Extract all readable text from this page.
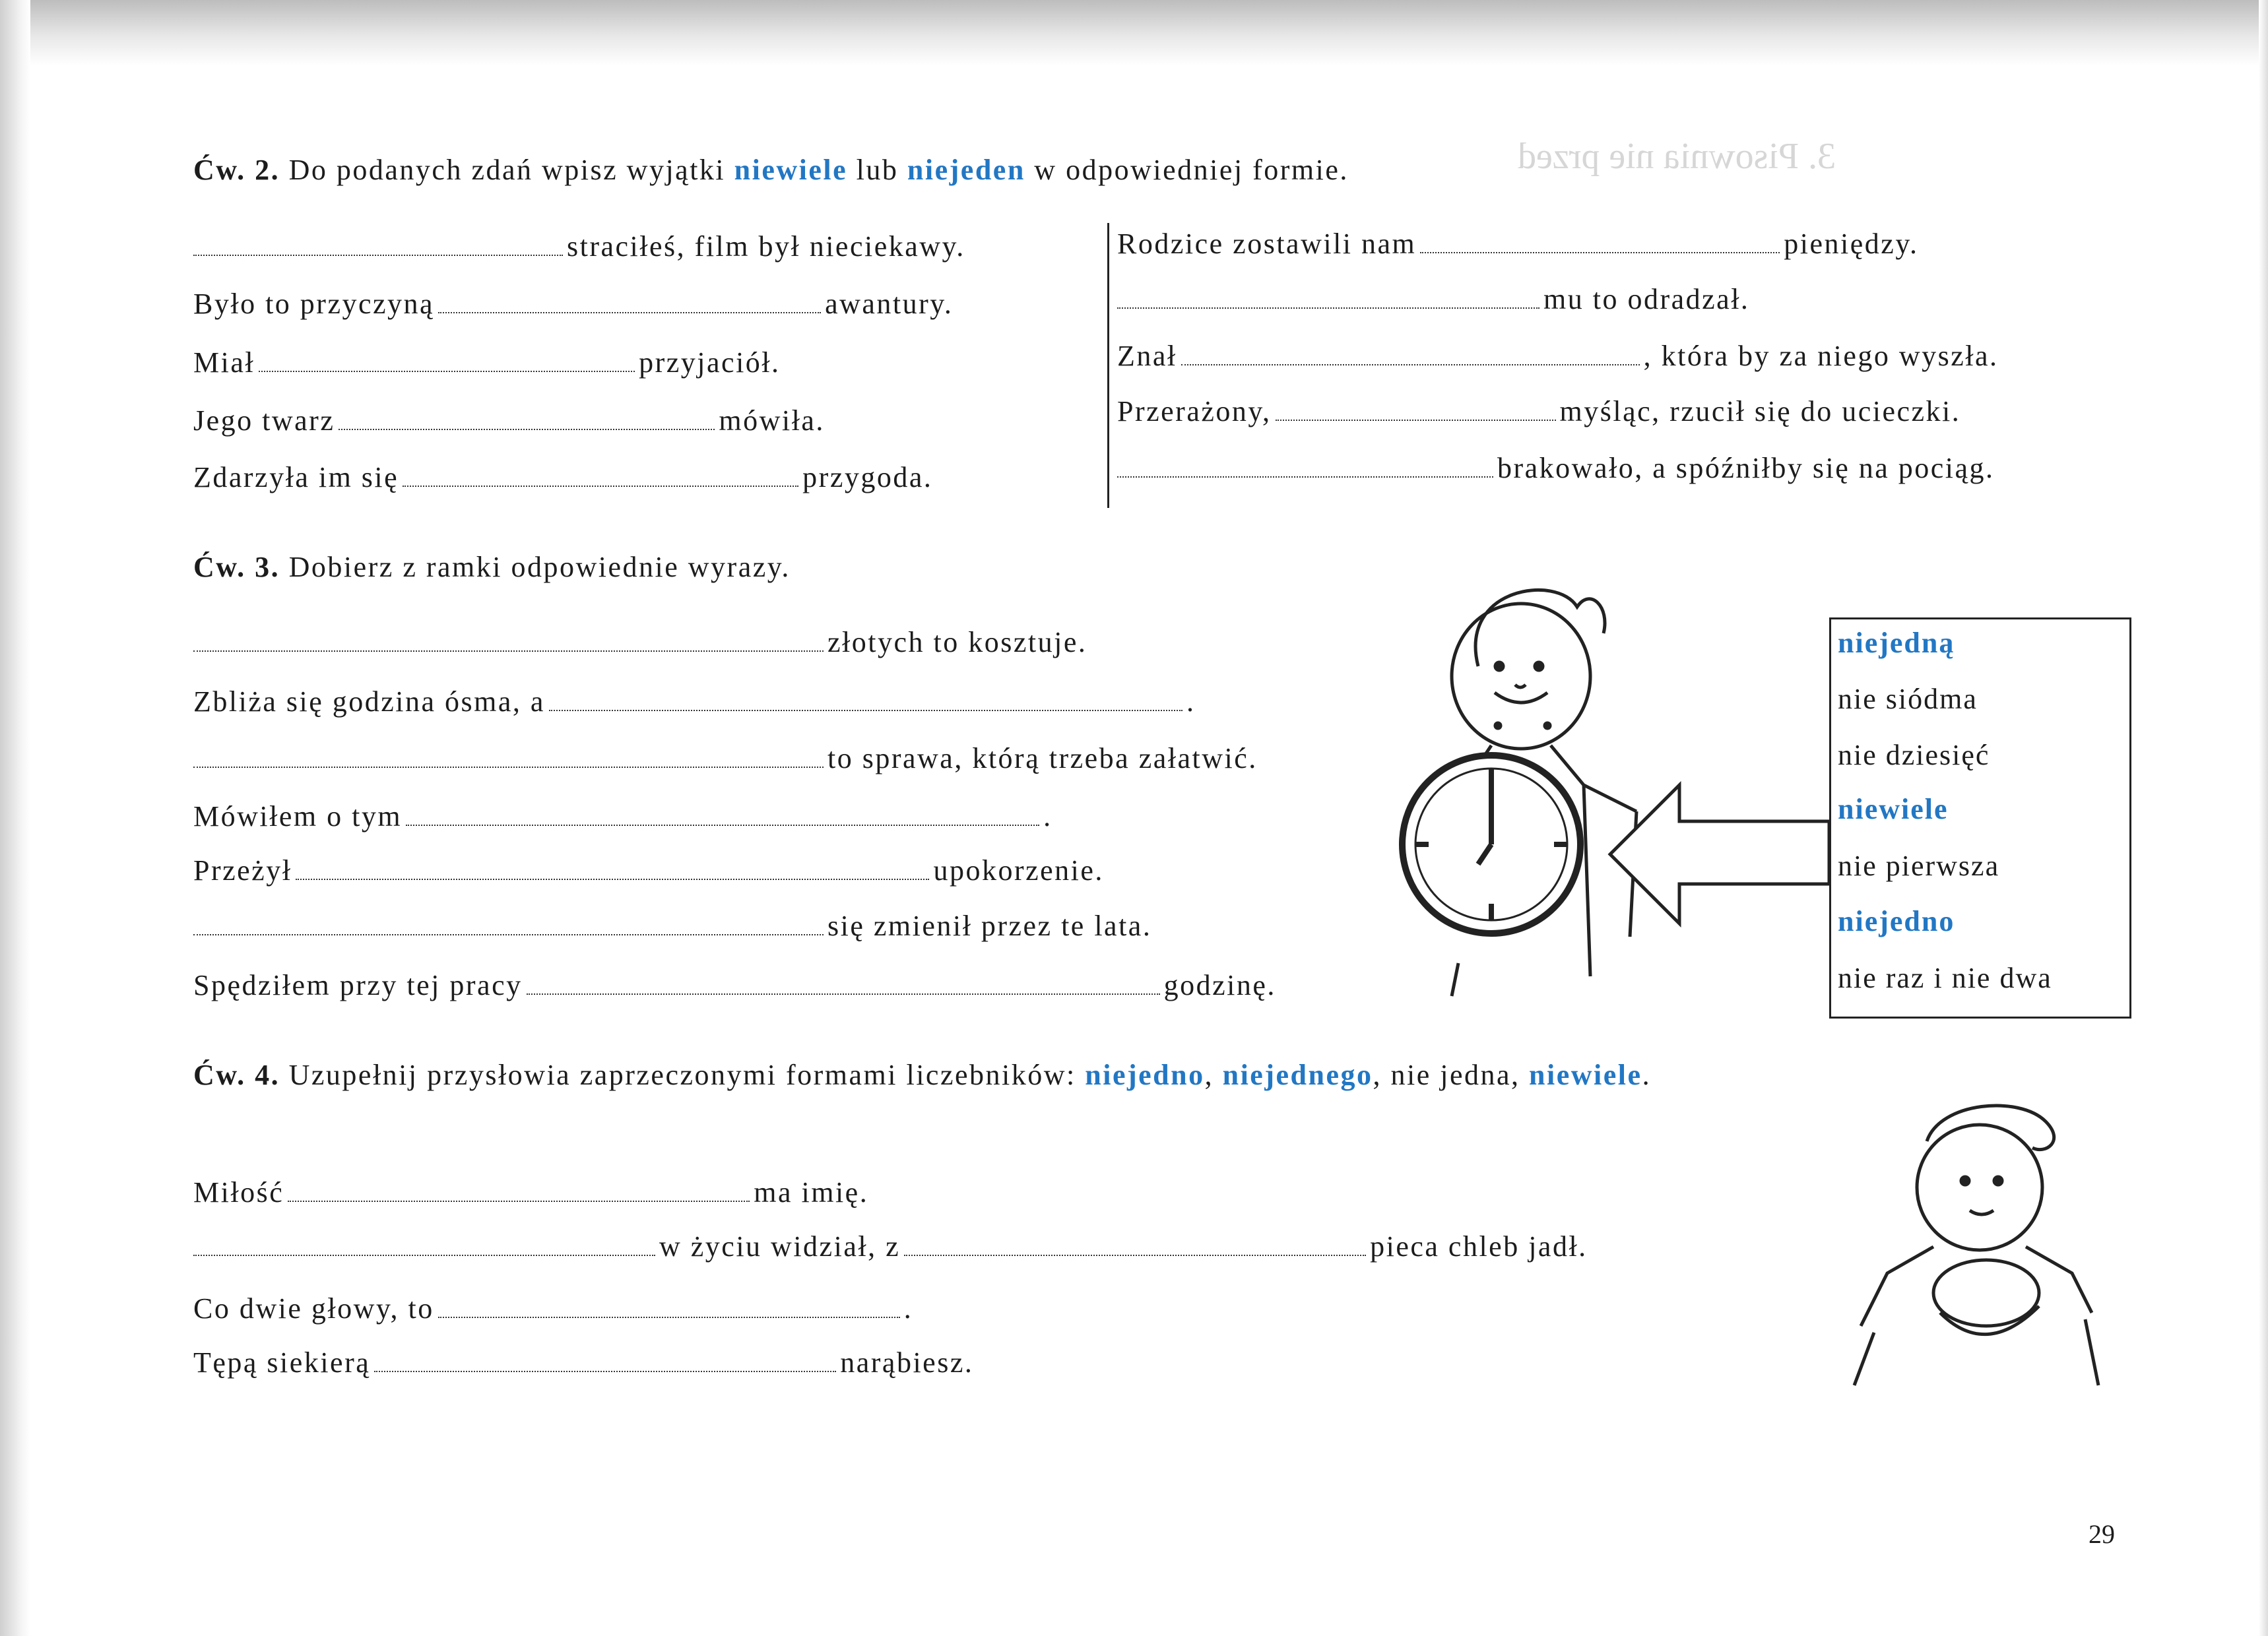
3. Pisownia nie przed
Ćw. 2. Do podanych zdań wpisz wyjątki niewiele lub niejeden w odpowiedniej formie.
straciłeś, film był nieciekawy.
Było to przyczyną	awantury.
Miał	przyjaciół.
Jego twarz	mówiła.
Zdarzyła im się	przygoda.
Rodzice zostawili nam	pieniędzy.
mu to odradzał.
Znał	, która by za niego wyszła.
Przerażony,	myśląc, rzucił się do ucieczki.
brakowało, a spóźniłby się na pociąg.
Ćw. 3. Dobierz z ramki odpowiednie wyrazy.
złotych to kosztuje.
Zbliża się godzina ósma, a	.
to sprawa, którą trzeba załatwić.
Mówiłem o tym	.
Przeżył	upokorzenie.
się zmienił przez te lata.
Spędziłem przy tej pracy	godzinę.
niejedną
nie siódma
nie dziesięć
niewiele
nie pierwsza
niejedno
nie raz i nie dwa
Ćw. 4. Uzupełnij przysłowia zaprzeczonymi formami liczebników: niejedno, niejednego, nie jedna, niewiele.
Miłość	ma imię.
w życiu widział, z	pieca chleb jadł.
Co dwie głowy, to	.
Tępą siekierą	narąbiesz.
29
